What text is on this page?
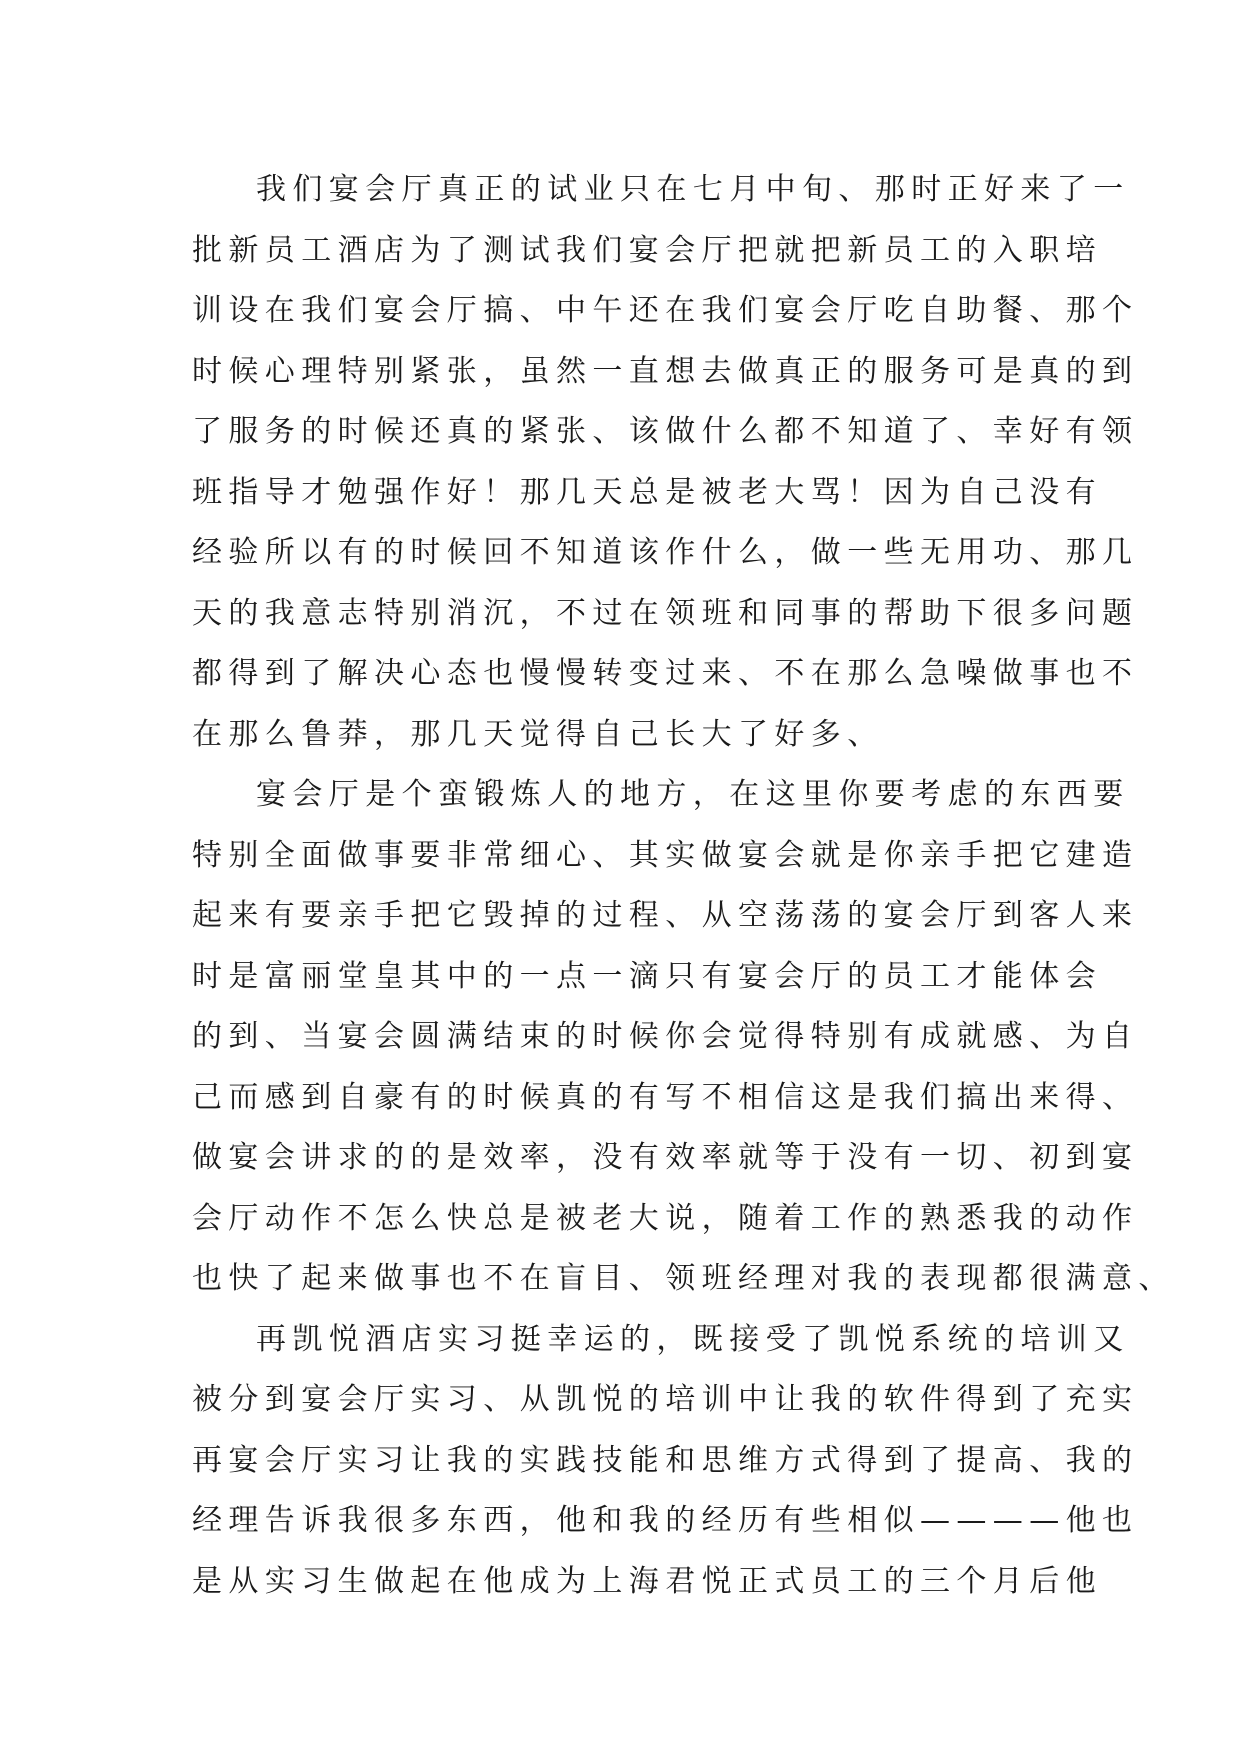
我们宴会厅真正的试业只在七月中旬、那时正好来了一
批新员工酒店为了测试我们宴会厅把就把新员工的入职培
训设在我们宴会厅搞、中午还在我们宴会厅吃自助餐、那个
时候心理特别紧张，虽然一直想去做真正的服务可是真的到
了服务的时候还真的紧张、该做什么都不知道了、幸好有领
班指导才勉强作好！那几天总是被老大骂！因为自己没有
经验所以有的时候回不知道该作什么，做一些无用功、那几
天的我意志特别消沉，不过在领班和同事的帮助下很多问题
都得到了解决心态也慢慢转变过来、不在那么急噪做事也不
在那么鲁莽，那几天觉得自己长大了好多、
宴会厅是个蛮锻炼人的地方，在这里你要考虑的东西要
特别全面做事要非常细心、其实做宴会就是你亲手把它建造
起来有要亲手把它毁掉的过程、从空荡荡的宴会厅到客人来
时是富丽堂皇其中的一点一滴只有宴会厅的员工才能体会
的到、当宴会圆满结束的时候你会觉得特别有成就感、为自
己而感到自豪有的时候真的有写不相信这是我们搞出来得、
做宴会讲求的的是效率，没有效率就等于没有一切、初到宴
会厅动作不怎么快总是被老大说，随着工作的熟悉我的动作
也快了起来做事也不在盲目、领班经理对我的表现都很满意、
再凯悦酒店实习挺幸运的，既接受了凯悦系统的培训又
被分到宴会厅实习、从凯悦的培训中让我的软件得到了充实
再宴会厅实习让我的实践技能和思维方式得到了提高、我的
经理告诉我很多东西，他和我的经历有些相似————他也
是从实习生做起在他成为上海君悦正式员工的三个月后他
